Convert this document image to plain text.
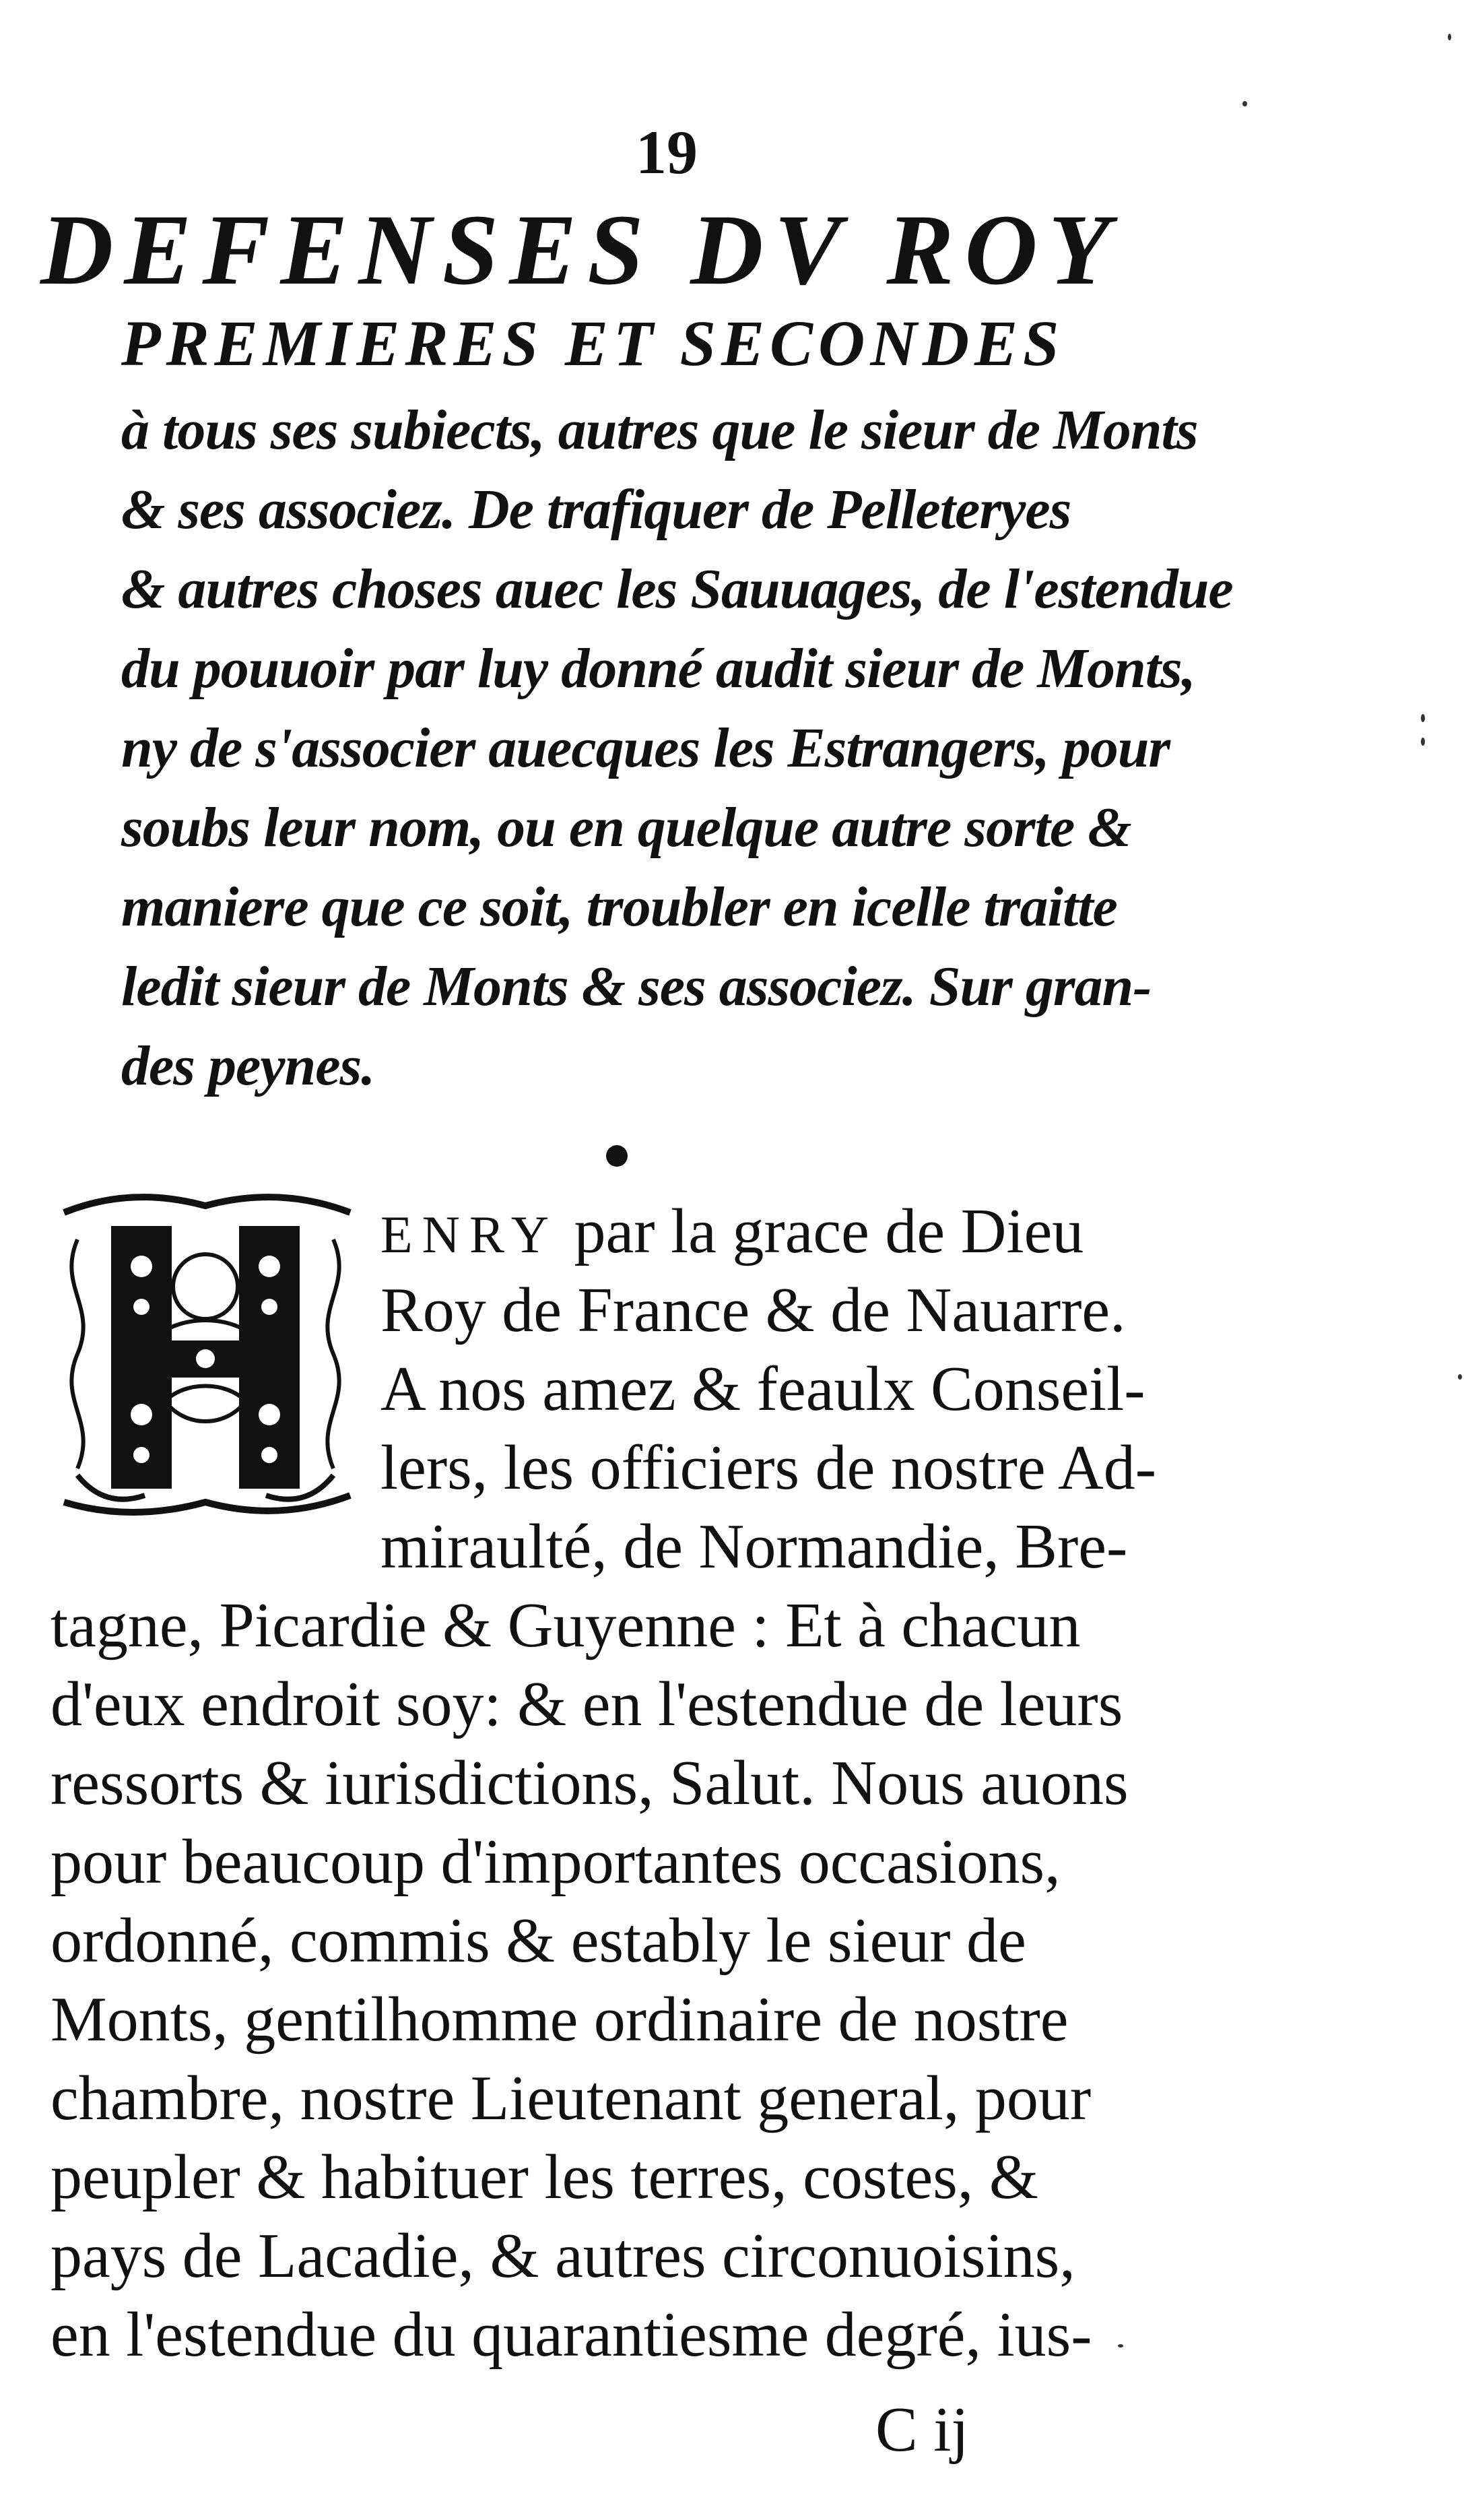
19
DEFENSES DV ROY
PREMIERES ET SECONDES
à tous ses subiects, autres que le sieur de Monts
& ses associez. De trafiquer de Pelleteryes
& autres choses auec les Sauuages, de l'estendue
du pouuoir par luy donné audit sieur de Monts,
ny de s'associer auecques les Estrangers, pour
soubs leur nom, ou en quelque autre sorte &
maniere que ce soit, troubler en icelle traitte
ledit sieur de Monts & ses associez. Sur gran-
des peynes.
ENRY par la grace de Dieu
Roy de France & de Nauarre.
A nos amez & feaulx Conseil-
lers, les officiers de nostre Ad-
miraulté, de Normandie, Bre-
tagne, Picardie & Guyenne : Et à chacun
d'eux endroit soy: & en l'estendue de leurs
ressorts & iurisdictions, Salut. Nous auons
pour beaucoup d'importantes occasions,
ordonné, commis & estably le sieur de
Monts, gentilhomme ordinaire de nostre
chambre, nostre Lieutenant general, pour
peupler & habituer les terres, costes, &
pays de Lacadie, & autres circonuoisins,
en l'estendue du quarantiesme degré, ius-
C ij
